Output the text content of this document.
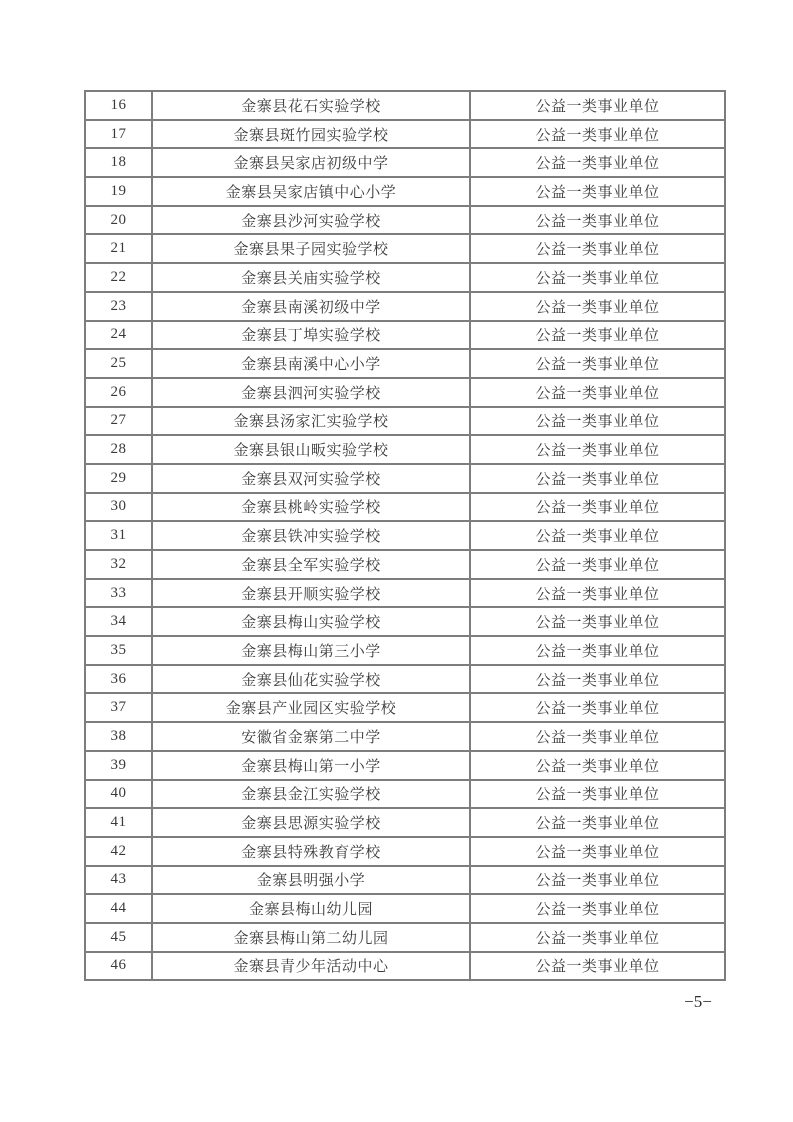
16	金寨县花石实验学校	公益一类事业单位
17	金寨县斑竹园实验学校	公益一类事业单位
18	金寨县吴家店初级中学	公益一类事业单位
19	金寨县吴家店镇中心小学	公益一类事业单位
20	金寨县沙河实验学校	公益一类事业单位
21	金寨县果子园实验学校	公益一类事业单位
22	金寨县关庙实验学校	公益一类事业单位
23	金寨县南溪初级中学	公益一类事业单位
24	金寨县丁埠实验学校	公益一类事业单位
25	金寨县南溪中心小学	公益一类事业单位
26	金寨县泗河实验学校	公益一类事业单位
27	金寨县汤家汇实验学校	公益一类事业单位
28	金寨县银山畈实验学校	公益一类事业单位
29	金寨县双河实验学校	公益一类事业单位
30	金寨县桃岭实验学校	公益一类事业单位
31	金寨县铁冲实验学校	公益一类事业单位
32	金寨县全军实验学校	公益一类事业单位
33	金寨县开顺实验学校	公益一类事业单位
34	金寨县梅山实验学校	公益一类事业单位
35	金寨县梅山第三小学	公益一类事业单位
36	金寨县仙花实验学校	公益一类事业单位
37	金寨县产业园区实验学校	公益一类事业单位
38	安徽省金寨第二中学	公益一类事业单位
39	金寨县梅山第一小学	公益一类事业单位
40	金寨县金江实验学校	公益一类事业单位
41	金寨县思源实验学校	公益一类事业单位
42	金寨县特殊教育学校	公益一类事业单位
43	金寨县明强小学	公益一类事业单位
44	金寨县梅山幼儿园	公益一类事业单位
45	金寨县梅山第二幼儿园	公益一类事业单位
46	金寨县青少年活动中心	公益一类事业单位
−5−
